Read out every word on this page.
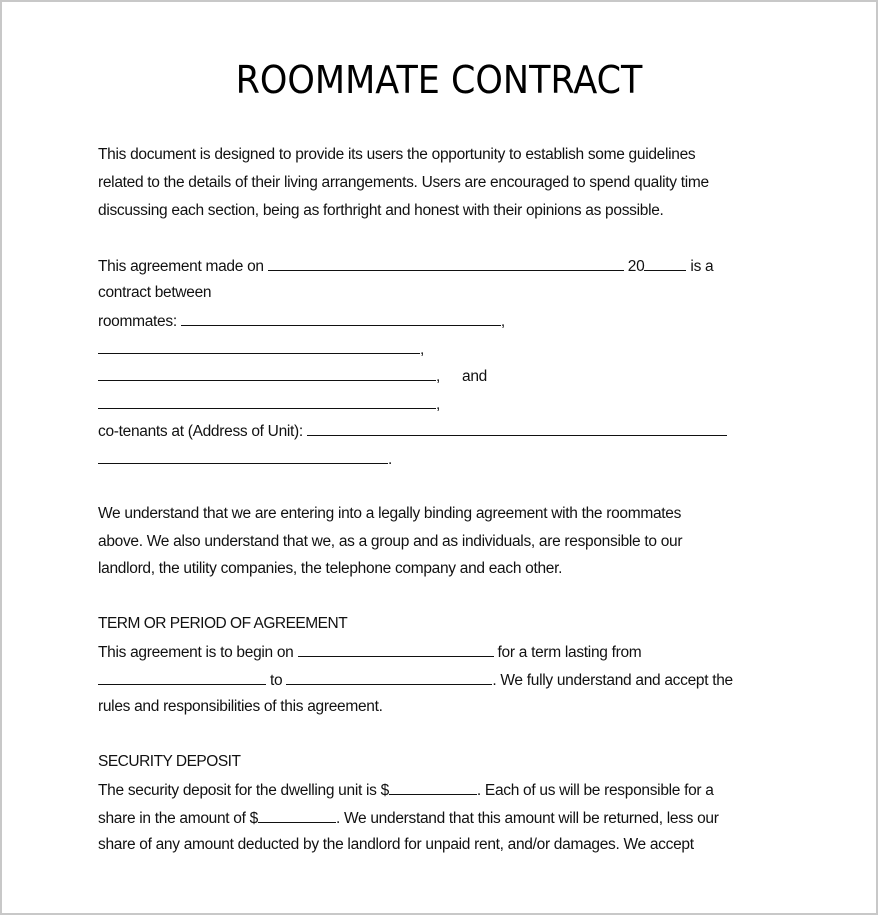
ROOMMATE CONTRACT
This document is designed to provide its users the opportunity to establish some guidelines
related to the details of their living arrangements. Users are encouraged to spend quality time
discussing each section, being as forthright and honest with their opinions as possible.
This agreement made on	20	is a
contract between
roommates:	,
,
, and
,
co-tenants at (Address of Unit):
.
We understand that we are entering into a legally binding agreement with the roommates
above. We also understand that we, as a group and as individuals, are responsible to our
landlord, the utility companies, the telephone company and each other.
TERM OR PERIOD OF AGREEMENT
This agreement is to begin on	for a term lasting from
to	. We fully understand and accept the
rules and responsibilities of this agreement.
SECURITY DEPOSIT
The security deposit for the dwelling unit is $	. Each of us will be responsible for a
share in the amount of $	. We understand that this amount will be returned, less our
share of any amount deducted by the landlord for unpaid rent, and/or damages. We accept
